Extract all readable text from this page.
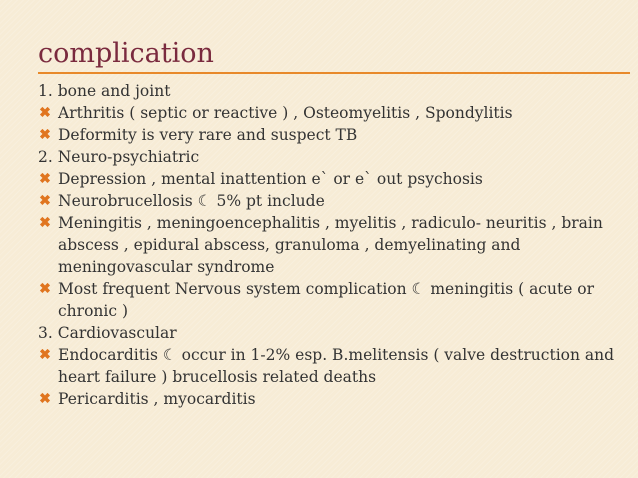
complication
1. bone and joint
✖ Arthritis ( septic or reactive ) , Osteomyelitis , Spondylitis
✖ Deformity is very rare and suspect TB
2. Neuro-psychiatric
✖ Depression , mental inattention e` or e` out psychosis
✖ Neurobrucellosis ☾ 5% pt include
✖ Meningitis , meningoencephalitis , myelitis , radiculo- neuritis , brain
abscess , epidural abscess, granuloma , demyelinating and
meningovascular syndrome
✖ Most frequent Nervous system complication ☾ meningitis ( acute or
chronic )
3. Cardiovascular
✖ Endocarditis ☾ occur in 1-2% esp. B.melitensis ( valve destruction and
heart failure ) brucellosis related deaths
✖ Pericarditis , myocarditis
